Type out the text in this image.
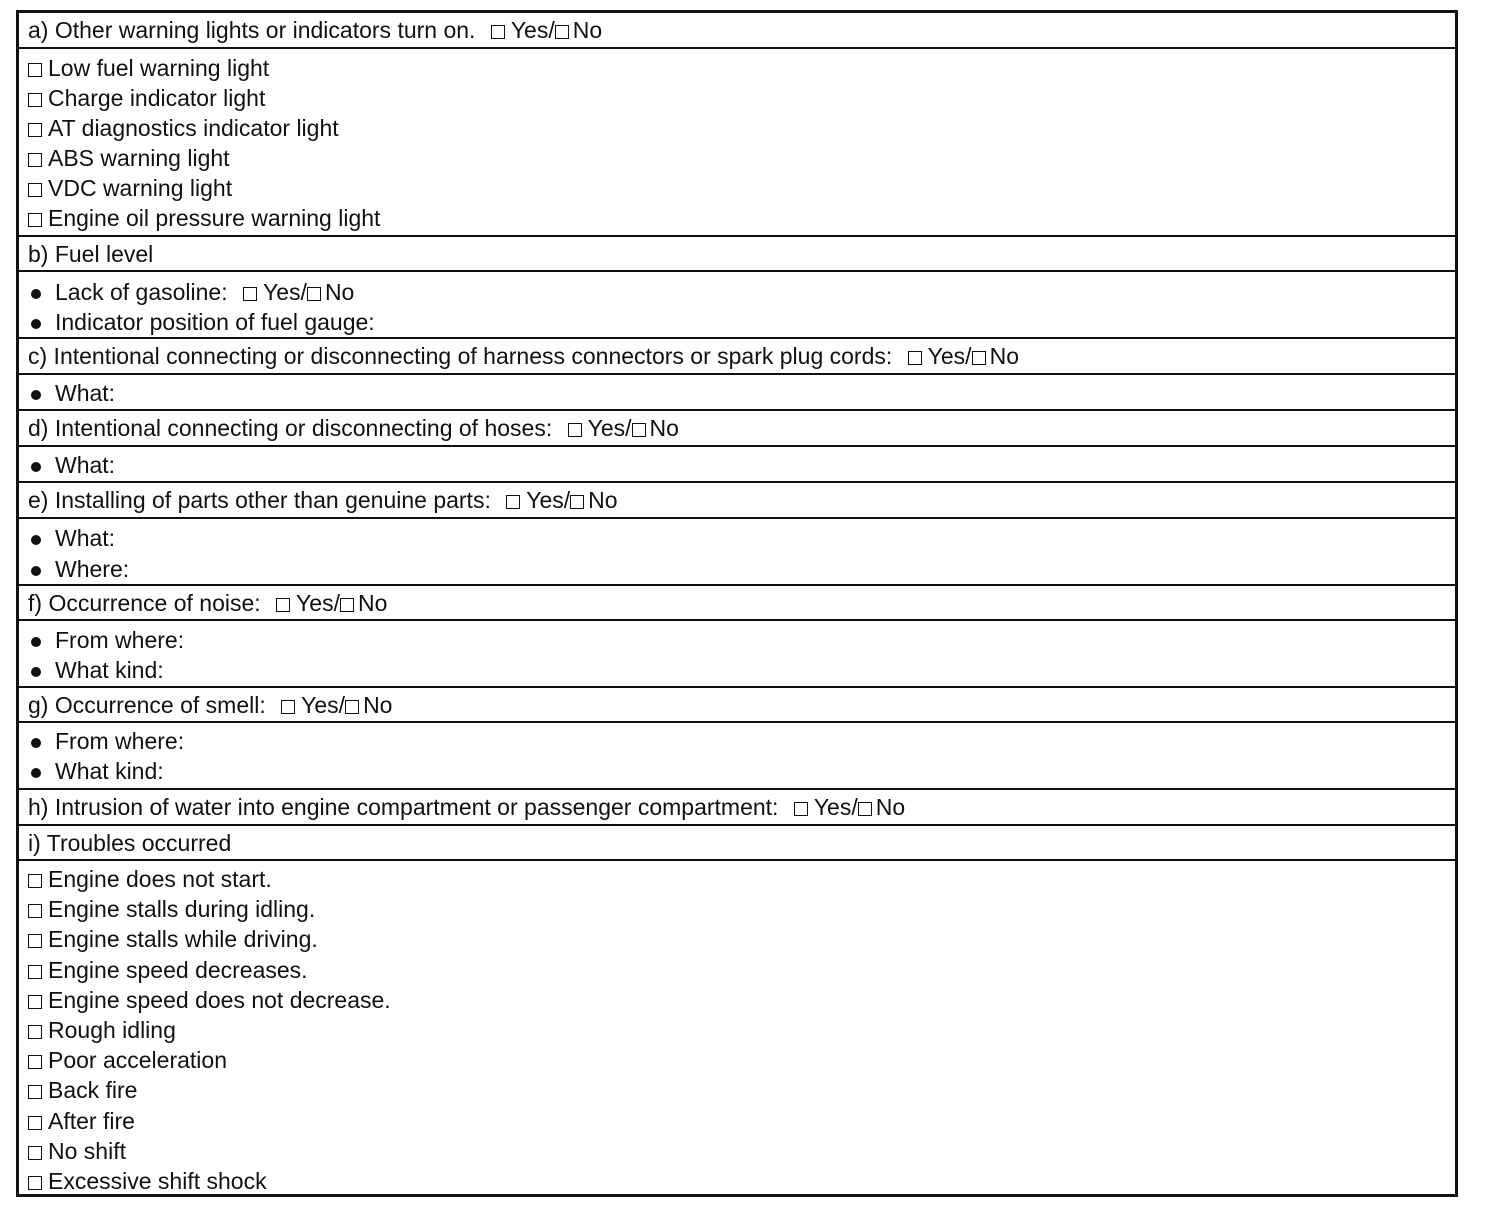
a) Other warning lights or indicators turn on. Yes/ No
Low fuel warning light
Charge indicator light
AT diagnostics indicator light
ABS warning light
VDC warning light
Engine oil pressure warning light
b) Fuel level
Lack of gasoline: Yes/ No
Indicator position of fuel gauge:
c) Intentional connecting or disconnecting of harness connectors or spark plug cords: Yes/ No
What:
d) Intentional connecting or disconnecting of hoses: Yes/ No
What:
e) Installing of parts other than genuine parts: Yes/ No
What:
Where:
f) Occurrence of noise: Yes/ No
From where:
What kind:
g) Occurrence of smell: Yes/ No
From where:
What kind:
h) Intrusion of water into engine compartment or passenger compartment: Yes/ No
i) Troubles occurred
Engine does not start.
Engine stalls during idling.
Engine stalls while driving.
Engine speed decreases.
Engine speed does not decrease.
Rough idling
Poor acceleration
Back fire
After fire
No shift
Excessive shift shock
